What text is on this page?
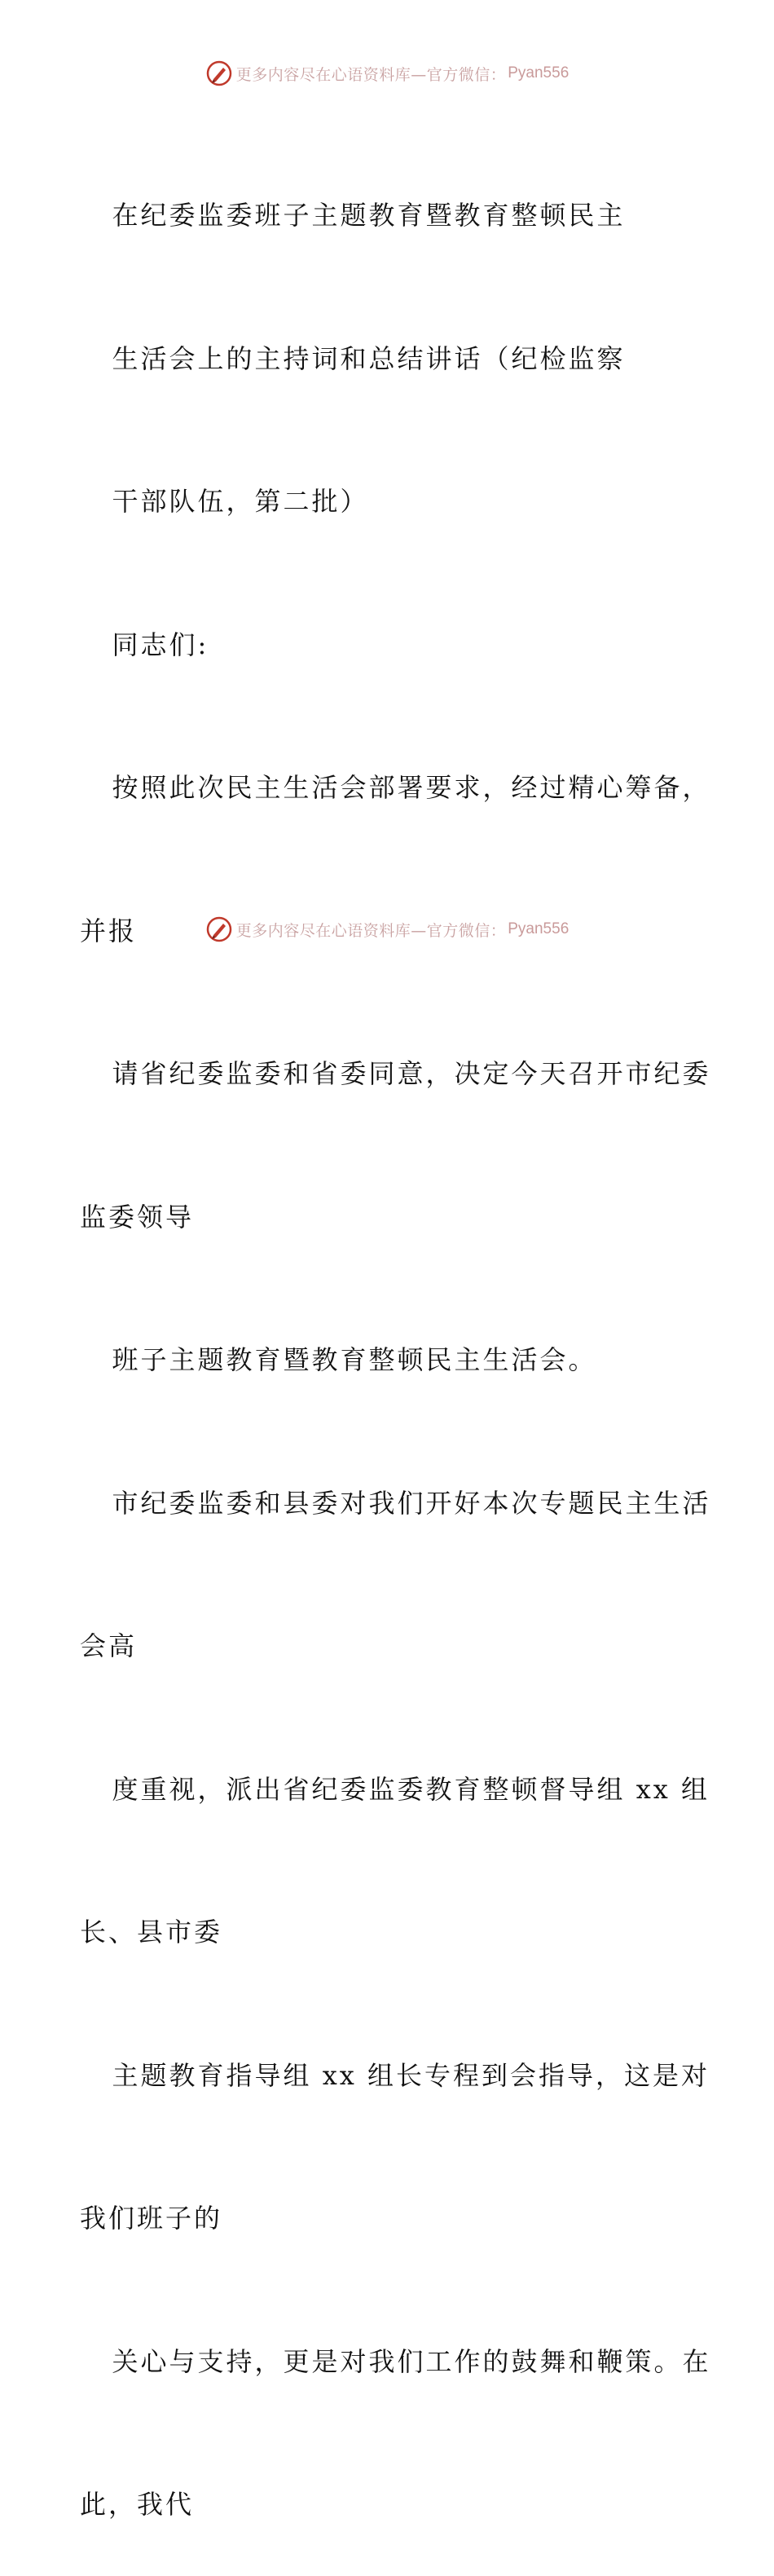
更多内容尽在心语资料库—官方微信： Pyan556

在纪委监委班子主题教育暨教育整顿民主

生活会上的主持词和总结讲话（纪检监察

干部队伍，第二批）

同志们:

按照此次民主生活会部署要求，经过精心筹备，

并报

请省纪委监委和省委同意，决定今天召开市纪委

监委领导

班子主题教育暨教育整顿民主生活会。

市纪委监委和县委对我们开好本次专题民主生活

会高

度重视，派出省纪委监委教育整顿督导组 xx 组

长、县市委

主题教育指导组 xx 组长专程到会指导，这是对

我们班子的

关心与支持，更是对我们工作的鼓舞和鞭策。在

此，我代

更多内容尽在心语资料库—官方微信： Pyan556
